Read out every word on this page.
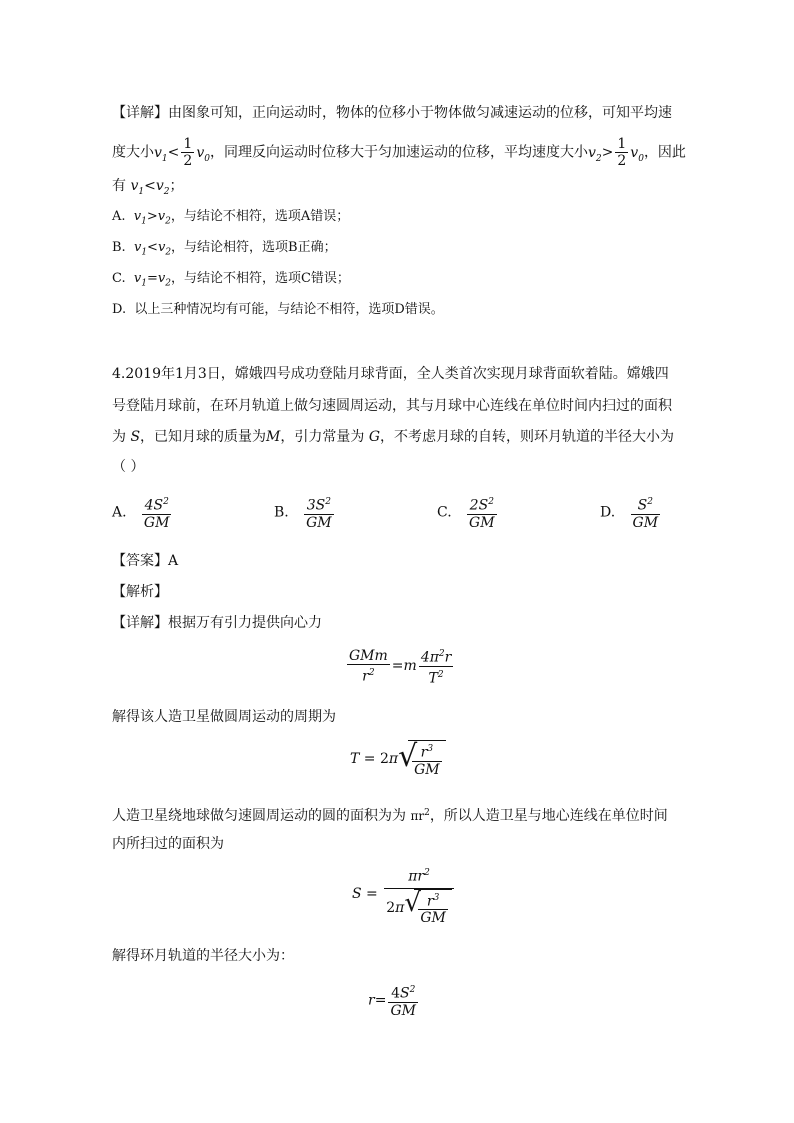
【详解】由图象可知，正向运动时，物体的位移小于物体做匀减速运动的位移，可知平均速
度大小$v_1< \frac{1}{2} v_0$，同理反向运动时位移大于匀加速运动的位移，平均速度大小$v_2> \frac{1}{2} v_0$，因此
有 $v_1<v_2$；
A. $v_1>v_2$，与结论不相符，选项A错误；
B. $v_1<v_2$，与结论相符，选项B正确；
C. $v_1=v_2$，与结论不相符，选项C错误；
D. 以上三种情况均有可能，与结论不相符，选项D错误。
4.2019年1月3日，嫦娥四号成功登陆月球背面，全人类首次实现月球背面软着陆。嫦娥四
号登陆月球前，在环月轨道上做匀速圆周运动，其与月球中心连线在单位时间内扫过的面积
为 S，已知月球的质量为M，引力常量为 G，不考虑月球的自转，则环月轨道的半径大小为
（ ）
A. $\frac{4S^2}{GM}$	B. $\frac{3S^2}{GM}$	C. $\frac{2S^2}{GM}$	D. $\frac{S^2}{GM}$
【答案】A
【解析】
【详解】根据万有引力提供向心力
$\frac{\text{GMm}}{r^2} =m \frac{4\pi^2r}{T^2}$
解得该人造卫星做圆周运动的周期为
T = 2π √
$\frac{r^3}{GM}$
人造卫星绕地球做匀速圆周运动的圆的面积为为 $\pi r^2$，所以人造卫星与地心连线在单位时间
内所扫过的面积为
$S = \pi r^2$
2π √
$\frac{r^3}{GM}$
解得环月轨道的半径大小为：
$r= \frac{4S^2}{GM}$
